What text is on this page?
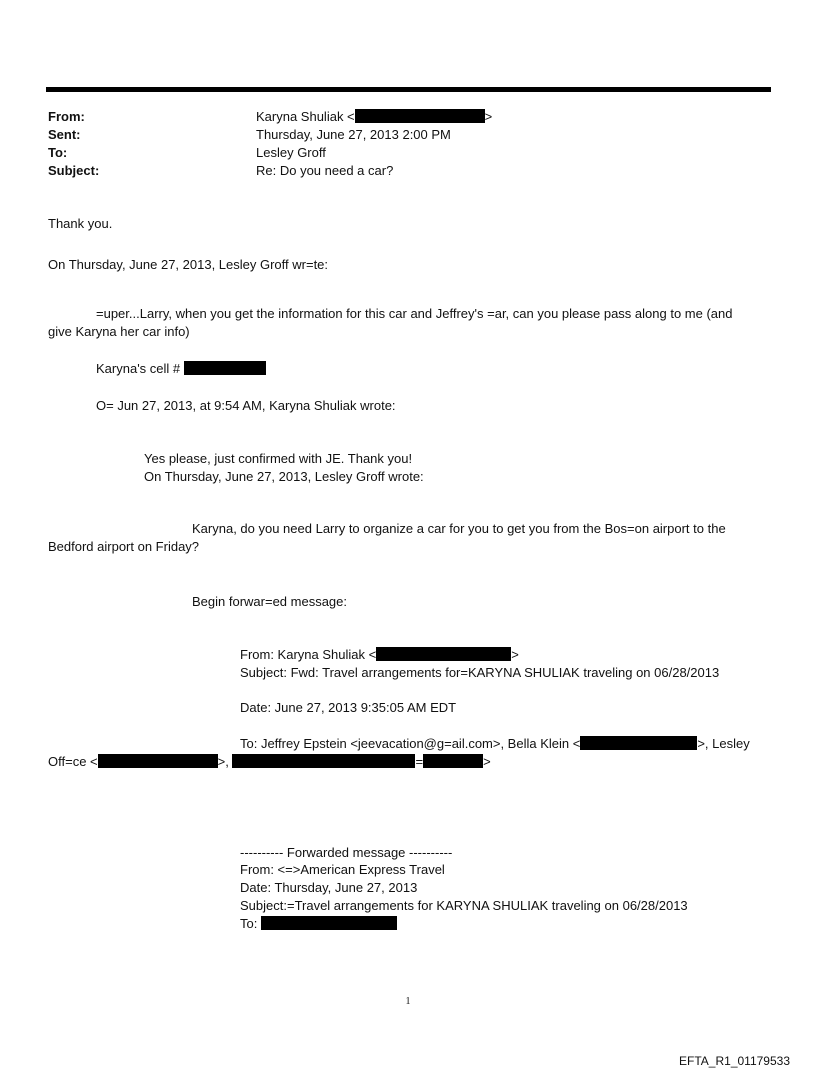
From:	Karyna Shuliak <	>
Sent:	Thursday, June 27, 2013 2:00 PM
To:	Lesley Groff
Subject:	Re: Do you need a car?
Thank you.
On Thursday, June 27, 2013, Lesley Groff wr=te:
=uper...Larry, when you get the information for this car and Jeffrey's =ar, can you please pass along to me (and
give Karyna her car info)
Karyna's cell #
O= Jun 27, 2013, at 9:54 AM, Karyna Shuliak wrote:
Yes please, just confirmed with JE. Thank you!
On Thursday, June 27, 2013, Lesley Groff wrote:
Karyna, do you need Larry to organize a car for you to get you from the Bos=on airport to the
Bedford airport on Friday?
Begin forwar=ed message:
From: Karyna Shuliak <	>
Subject: Fwd: Travel arrangements for=KARYNA SHULIAK traveling on 06/28/2013
Date: June 27, 2013 9:35:05 AM EDT
To: Jeffrey Epstein <jeevacation@g=ail.com>, Bella Klein <	>, Lesley
Off=ce <	>,	=	>
---------- Forwarded message ----------
From: <=>American Express Travel
Date: Thursday, June 27, 2013
Subject:=Travel arrangements for KARYNA SHULIAK traveling on 06/28/2013
To:
1
EFTA_R1_01179533
